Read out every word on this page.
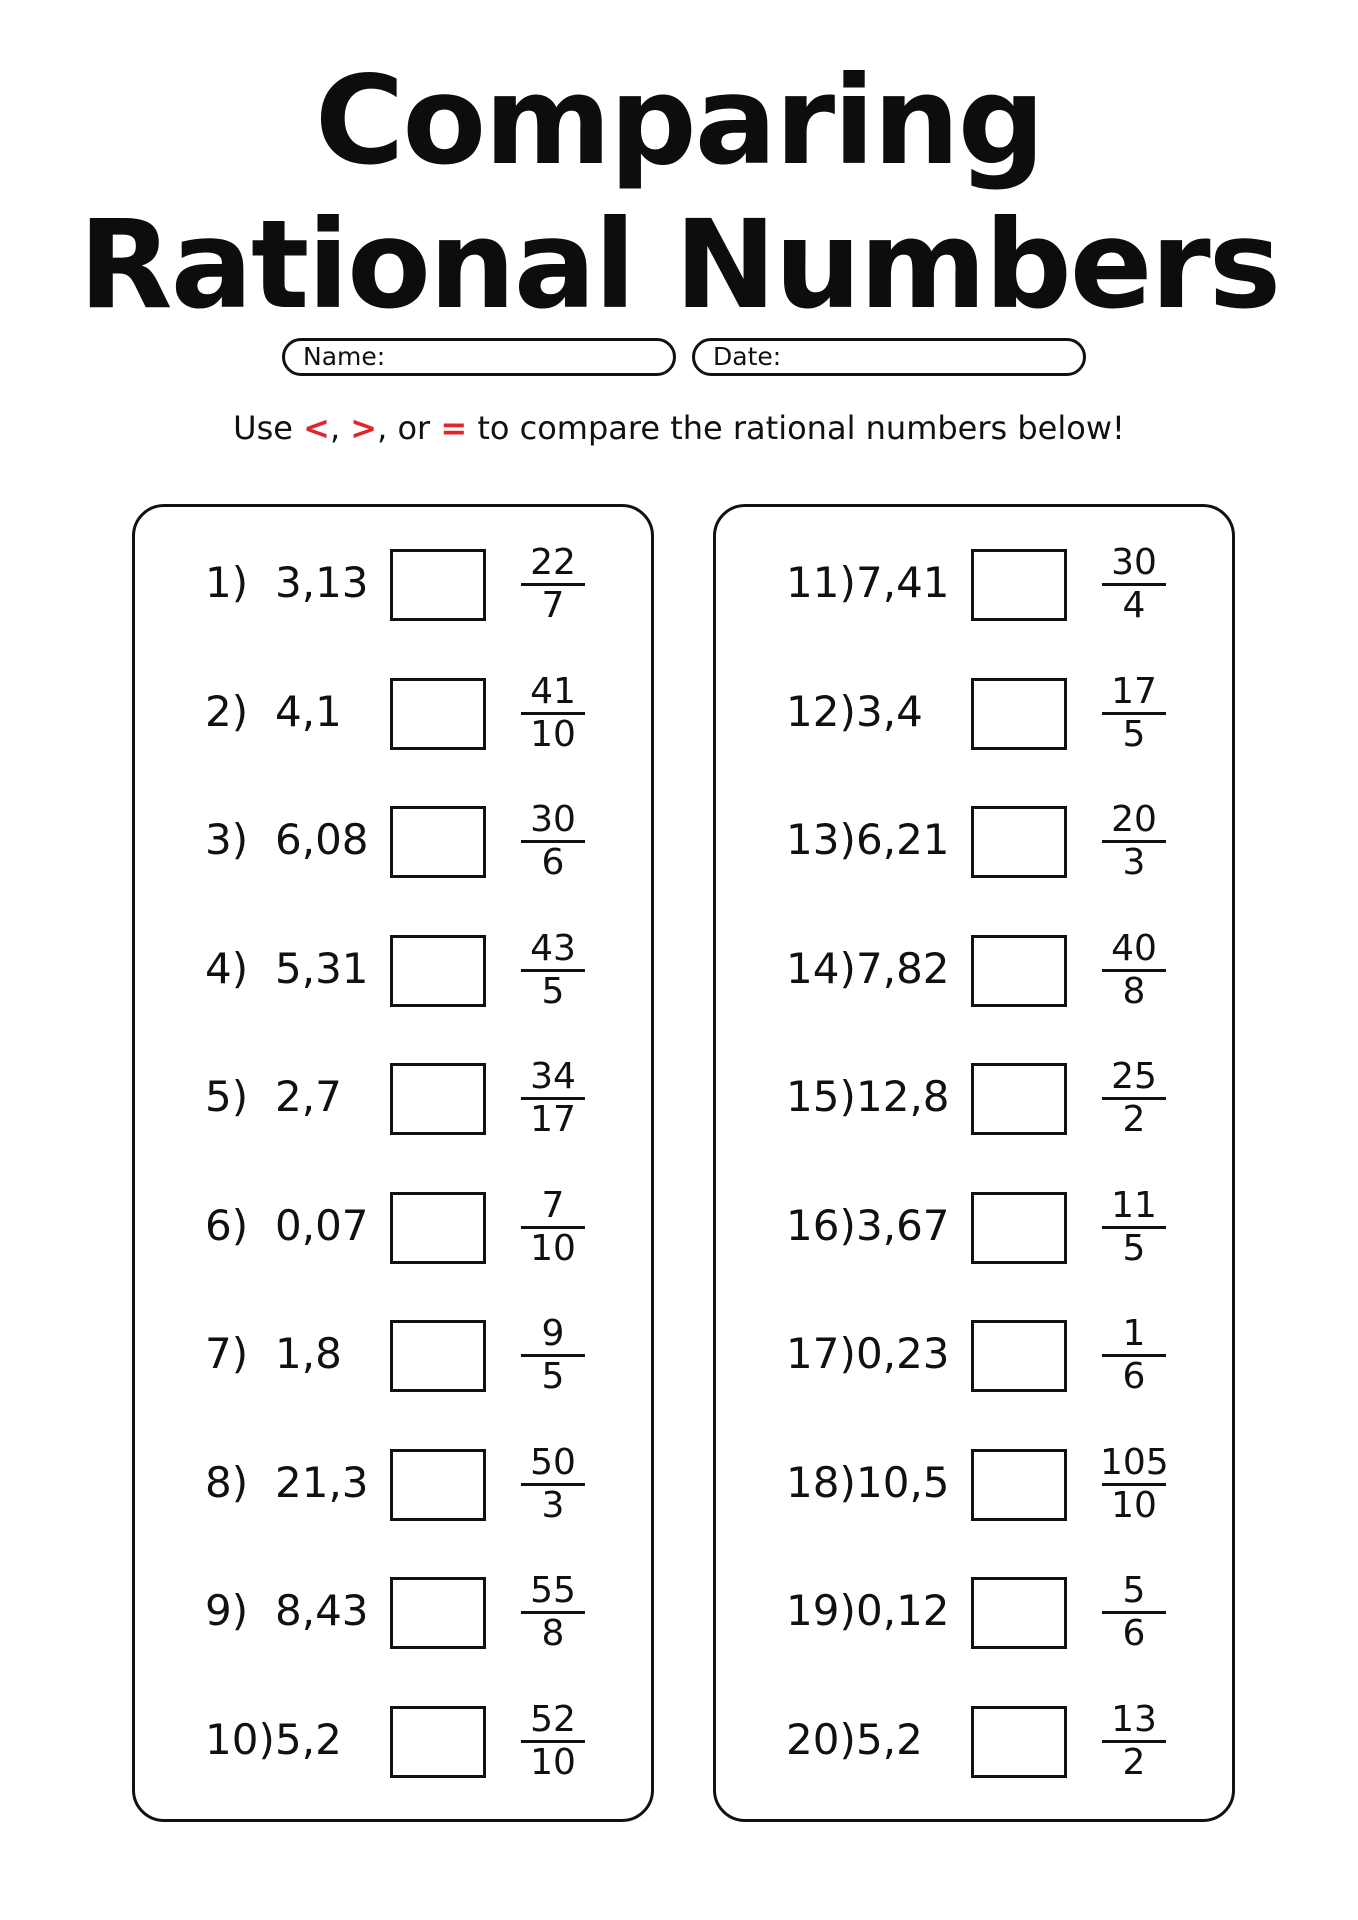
Comparing
Rational Numbers
Name:	Date:
Use <, >, or = to compare the rational numbers below!
1) 3,13	22
7
2) 4,1	41
10
3) 6,08	30
6
4) 5,31	43
5
5) 2,7	34
17
6) 0,07	7
10
7) 1,8	9
5
8) 21,3	50
3
9) 8,43	55
8
10) 5,2	52
10
11) 7,41	30
4
12) 3,4	17
5
13) 6,21	20
3
14) 7,82	40
8
15) 12,8	25
2
16) 3,67	11
5
17) 0,23	1
6
18) 10,5	105
10
19) 0,12	5
6
20) 5,2	13
2
